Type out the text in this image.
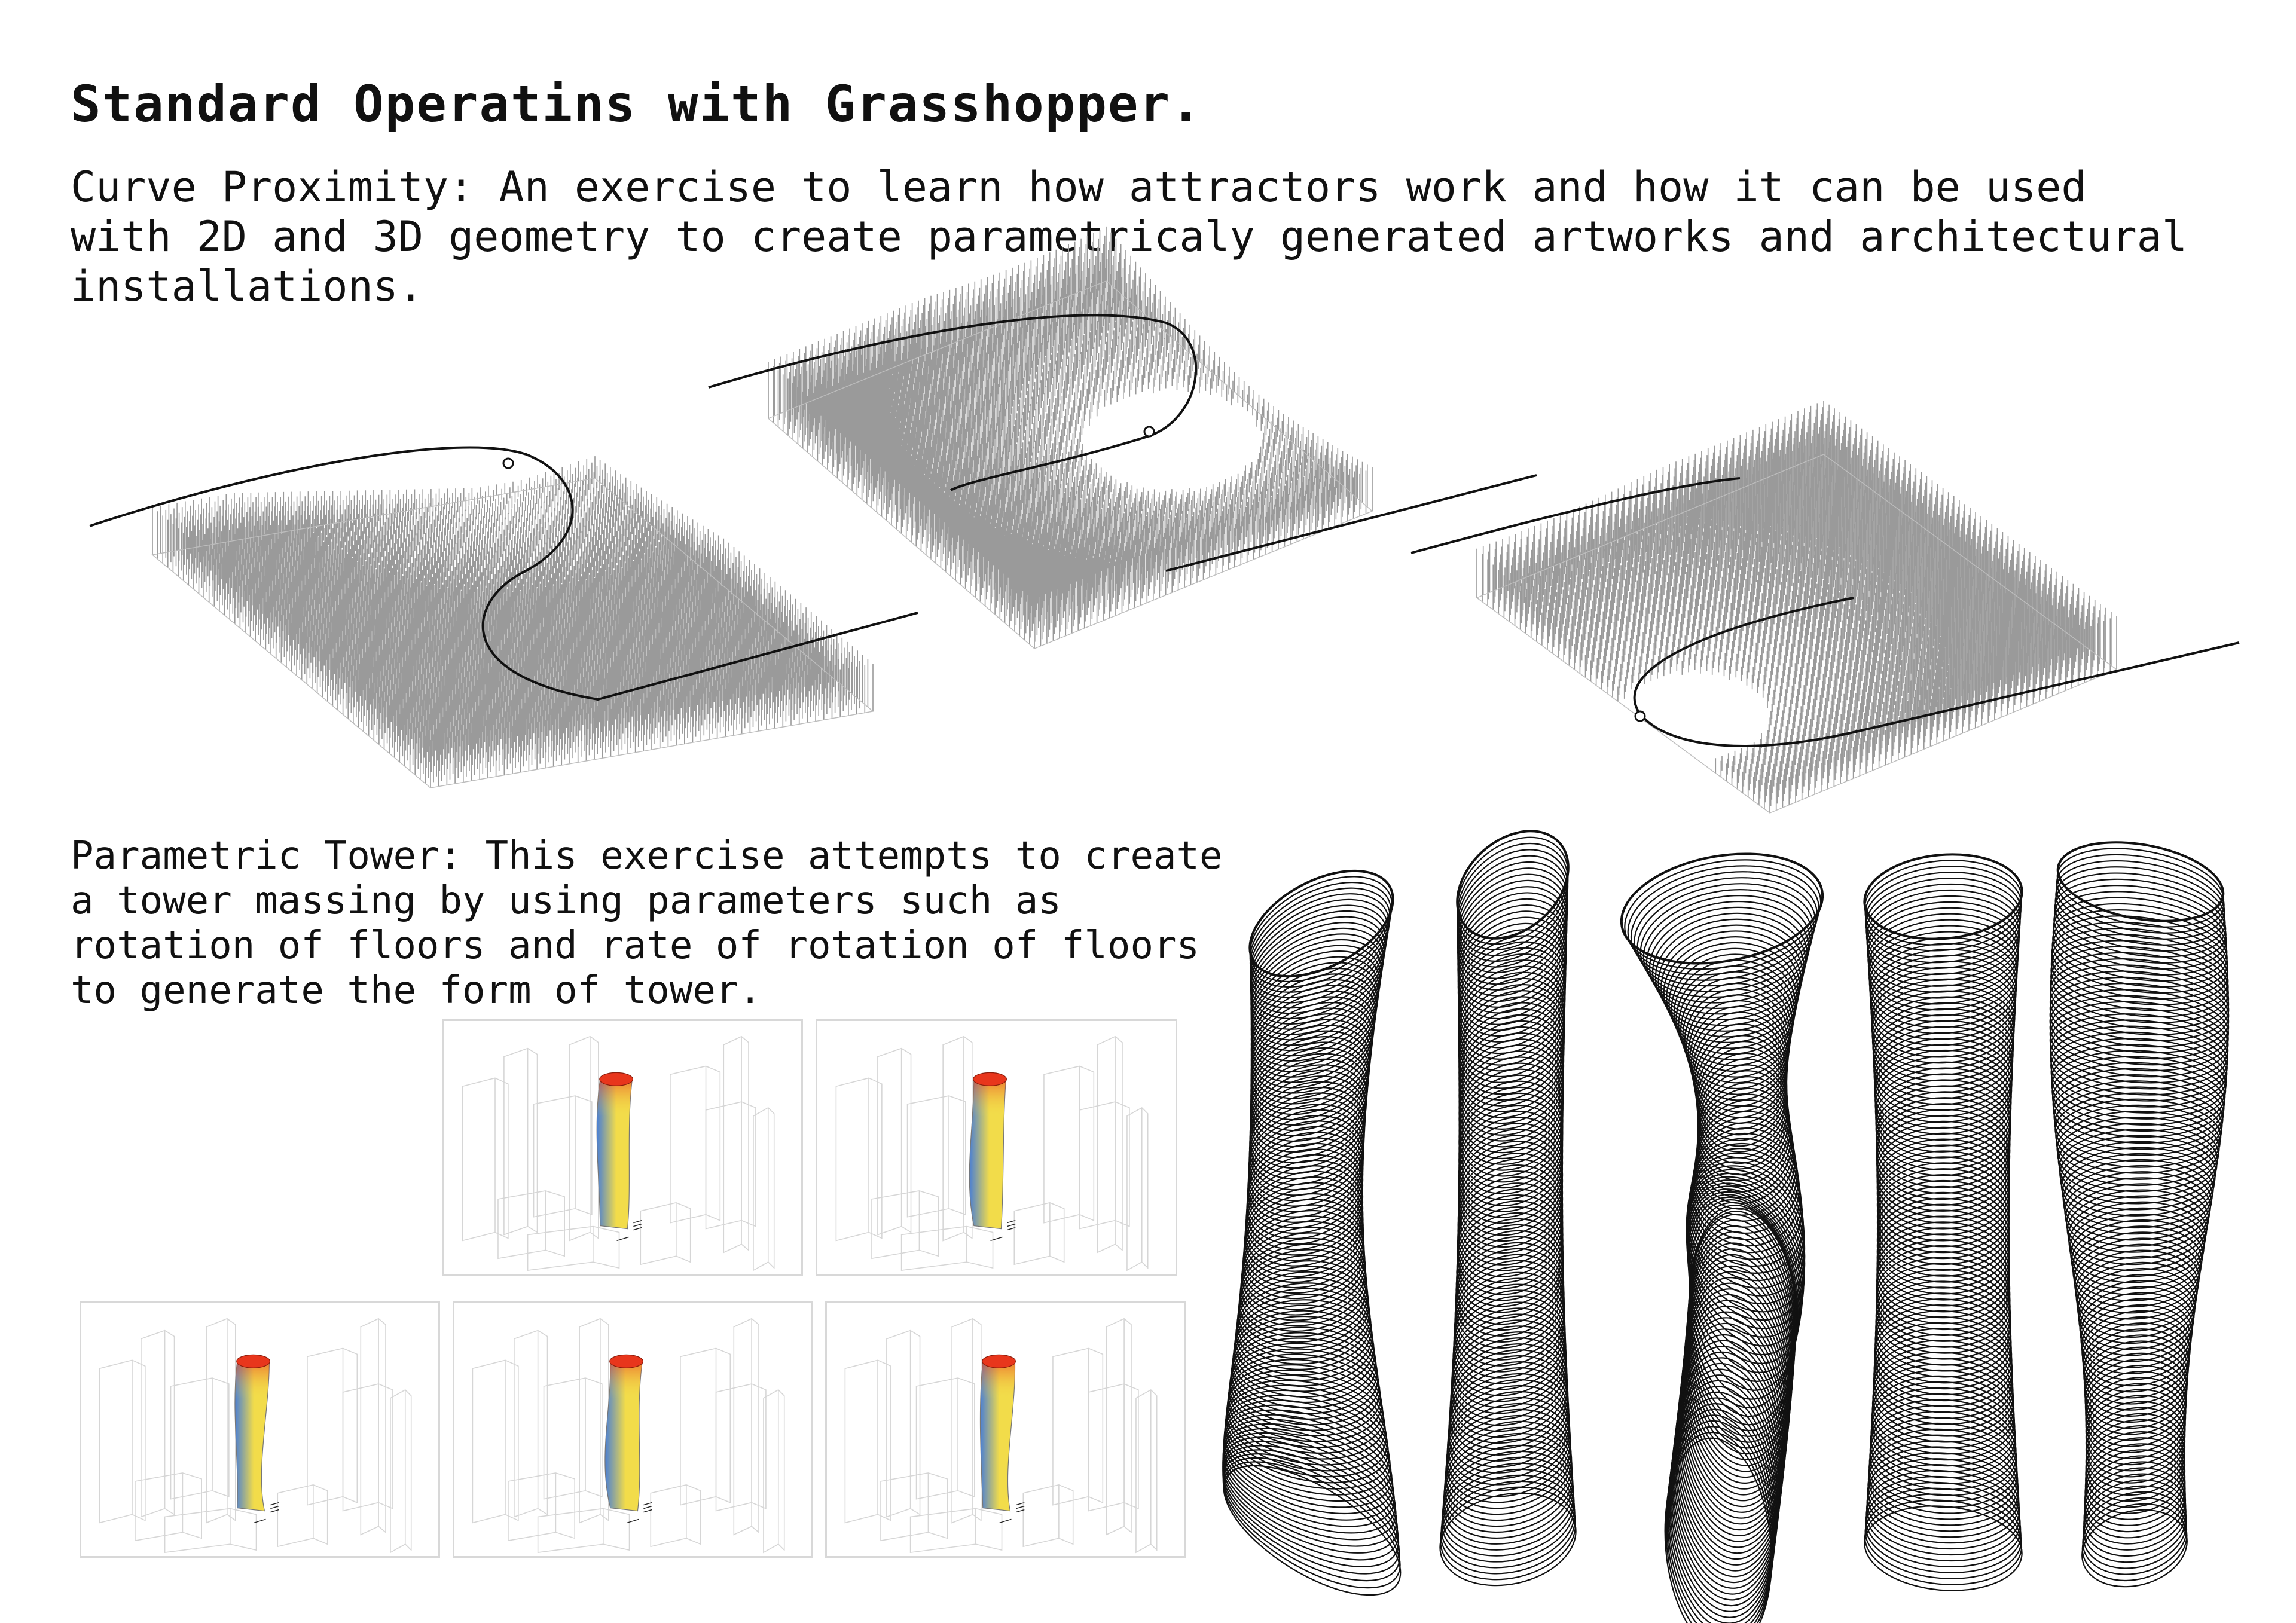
Standard Operatins with Grasshopper.

Curve Proximity: An exercise to learn how attractors work and how it can be used
with 2D and 3D geometry to create parametricaly generated artworks and architectural
installations.

Parametric Tower: This exercise attempts to create
a tower massing by using parameters such as
rotation of floors and rate of rotation of floors
to generate the form of tower.
